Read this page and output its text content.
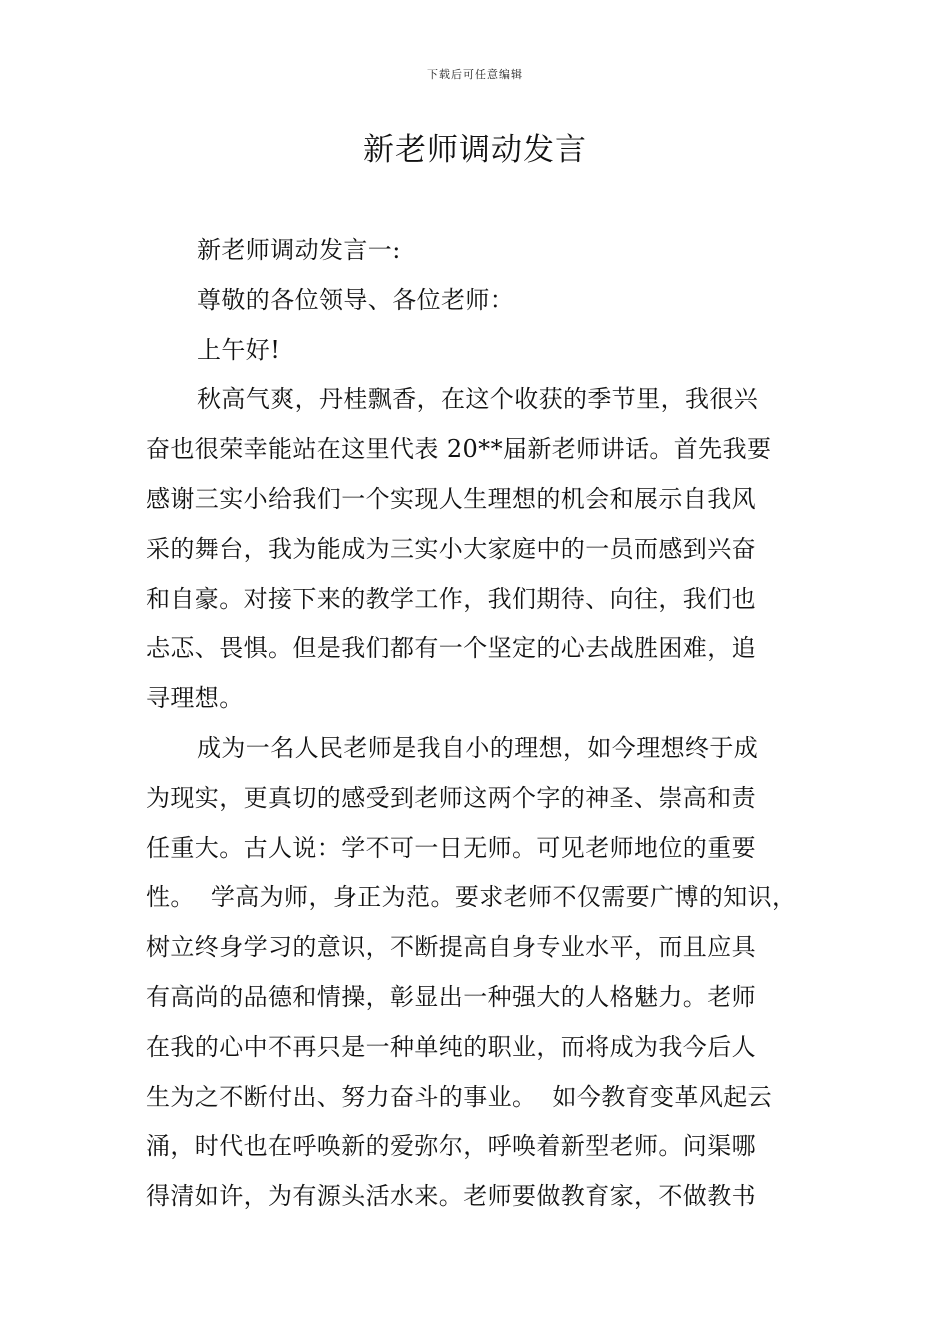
下载后可任意编辑
新老师调动发言
新老师调动发言一:
尊敬的各位领导、各位老师：
上午好!
秋高气爽，丹桂飘香，在这个收获的季节里，我很兴
奋也很荣幸能站在这里代表 20**届新老师讲话。首先我要
感谢三实小给我们一个实现人生理想的机会和展示自我风
采的舞台，我为能成为三实小大家庭中的一员而感到兴奋
和自豪。对接下来的教学工作，我们期待、向往，我们也
忐忑、畏惧。但是我们都有一个坚定的心去战胜困难，追
寻理想。
成为一名人民老师是我自小的理想，如今理想终于成
为现实，更真切的感受到老师这两个字的神圣、崇高和责
任重大。古人说：学不可一日无师。可见老师地位的重要
性。  学高为师，身正为范。要求老师不仅需要广博的知识，
树立终身学习的意识，不断提高自身专业水平，而且应具
有高尚的品德和情操，彰显出一种强大的人格魅力。老师
在我的心中不再只是一种单纯的职业，而将成为我今后人
生为之不断付出、努力奋斗的事业。  如今教育变革风起云
涌，时代也在呼唤新的爱弥尔，呼唤着新型老师。问渠哪
得清如许，为有源头活水来。老师要做教育家，不做教书
